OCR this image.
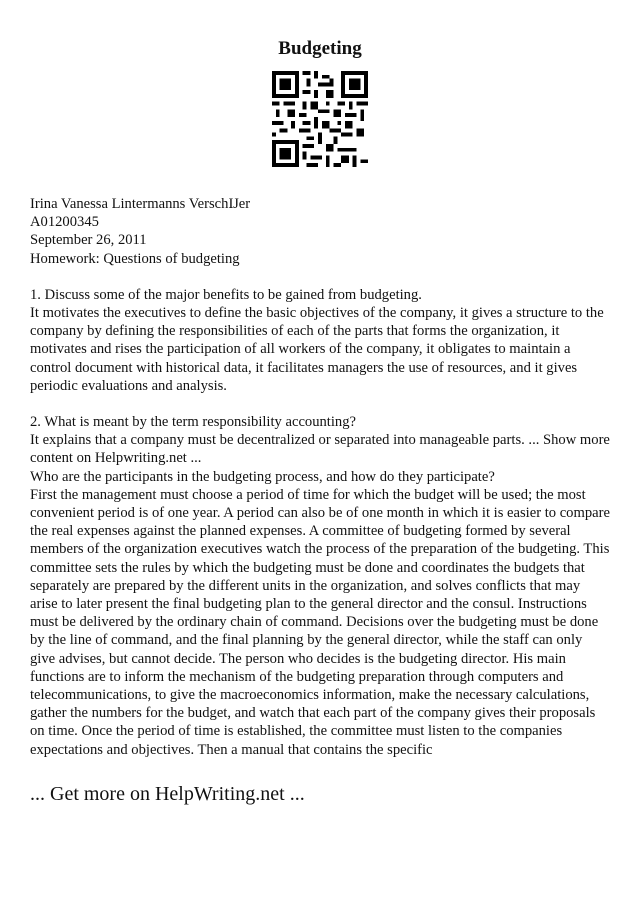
Budgeting

Irina Vanessa Lintermanns VerschĲer

A01200345

September 26, 2011

Homework: Questions of budgeting

1. Discuss some of the major benefits to be gained from budgeting.

It motivates the executives to define the basic objectives of the company, it gives a structure to the company by defining the responsibilities of each of the parts that forms the organization, it motivates and rises the participation of all workers of the company, it obligates to maintain a control document with historical data, it facilitates managers the use of resources, and it gives periodic evaluations and analysis.

2. What is meant by the term responsibility accounting?

It explains that a company must be decentralized or separated into manageable parts. ... Show more content on Helpwriting.net ...

Who are the participants in the budgeting process, and how do they participate?

First the management must choose a period of time for which the budget will be used; the most convenient period is of one year. A period can also be of one month in which it is easier to compare the real expenses against the planned expenses. A committee of budgeting formed by several members of the organization executives watch the process of the preparation of the budgeting. This committee sets the rules by which the budgeting must be done and coordinates the budgets that separately are prepared by the different units in the organization, and solves conflicts that may arise to later present the final budgeting plan to the general director and the consul. Instructions must be delivered by the ordinary chain of command. Decisions over the budgeting must be done by the line of command, and the final planning by the general director, while the staff can only give advises, but cannot decide. The person who decides is the budgeting director. His main functions are to inform the mechanism of the budgeting preparation through computers and telecommunications, to give the macroeconomics information, make the necessary calculations, gather the numbers for the budget, and watch that each part of the company gives their proposals on time. Once the period of time is established, the committee must listen to the companies expectations and objectives. Then a manual that contains the specific

... Get more on HelpWriting.net ...
